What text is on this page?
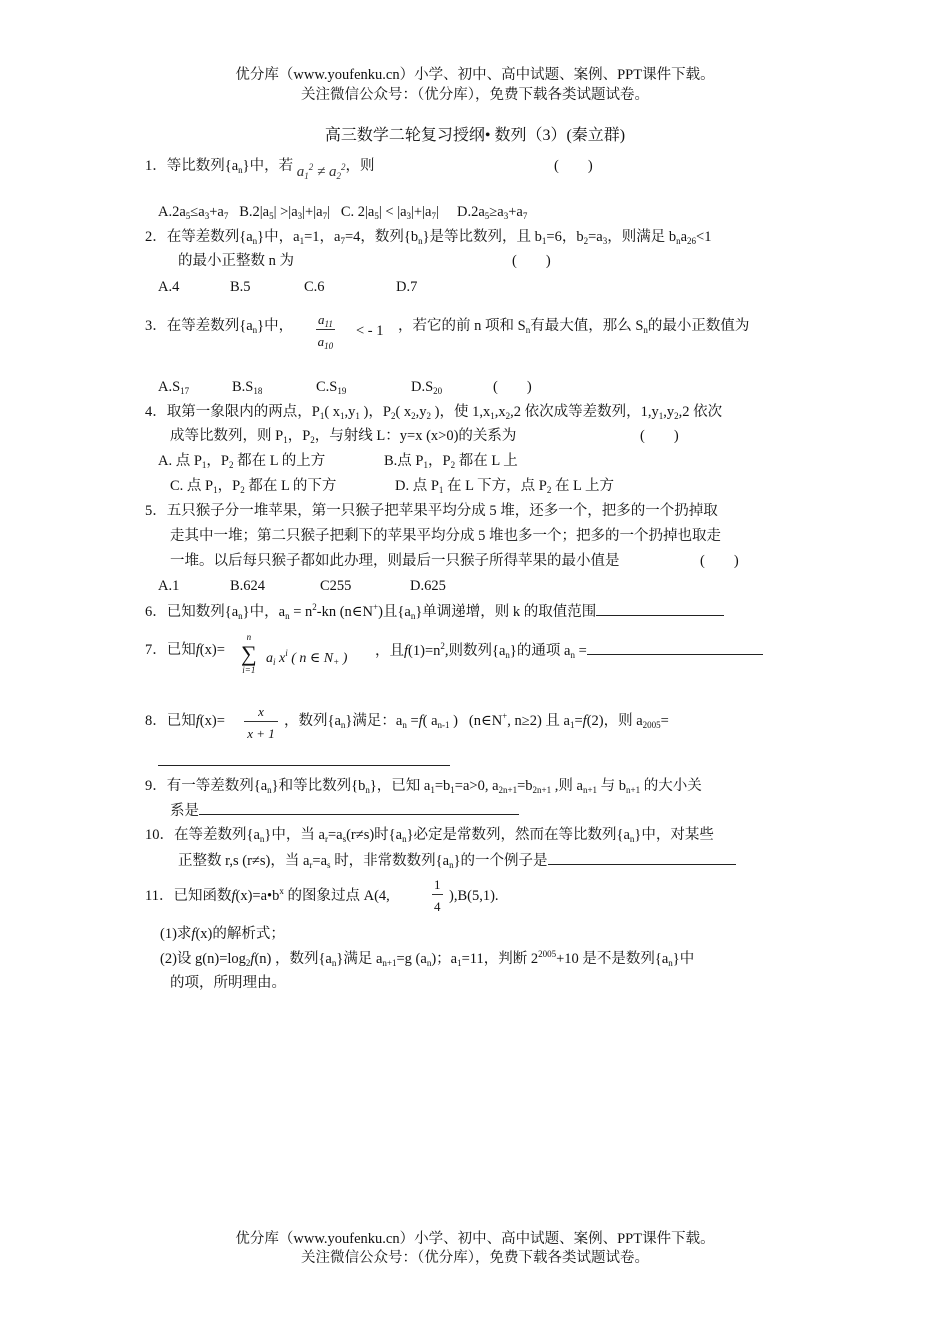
优分库（www.youfenku.cn）小学、初中、高中试题、案例、PPT课件下载。
关注微信公众号：（优分库），免费下载各类试题试卷。
高三数学二轮复习授纲• 数列（3）(秦立群)
1．等比数列$\{a_n\}$中，若 $a_1^2 \ne a_2^2$，则	(　　)
$A.2a_5\le a_3+a_7$ $B.2|a_5| >|a_3|+|a_7|$   C. $2|a_5| < |a_3|+|a_7|$     $D.2a_5\ge a_3+a_7$
2．在等差数列$\{a_n\}$中，$a_1=1$，$a_7=4$，数列$\{b_n\}$是等比数列，且 $b_1=6$，$b_2=a_3$，则满足 $b_na_{26}<1$
的最小正整数 n 为	(　　)
A.4	B.5	C.6	D.7
3．在等差数列$\{a_n\}$中， $\frac{a_{11}}{a_{10}}$ < - 1 ，若它的前 n 项和 $S_n$有最大值，那么 $S_n$的最小正数值为
$A.S_{17}$	$B.S_{18}$	$C.S_{19}$	$D.S_{20}$	(　　)
4．取第一象限内的两点，$P_1$( $x_1,y_1$ )，$P_2$( $x_2,y_2$ )，使 $1,x_1,x_2,2$ 依次成等差数列，$1,y_1,y_2,2$ 依次
成等比数列，则 $P_1$，$P_2$，与射线 L：y=x (x>0)的关系为	(　　)
A. 点 $P_1$，$P_2$ 都在 L 的上方	B.点 $P_1$，$P_2$ 都在 L 上
C. 点 $P_1$，$P_2$ 都在 L 的下方	D. 点 $P_1$ 在 L 下方，点 $P_2$ 在 L 上方
5．五只猴子分一堆苹果，第一只猴子把苹果平均分成 5 堆，还多一个，把多的一个扔掉取
走其中一堆；第二只猴子把剩下的苹果平均分成 5 堆也多一个；把多的一个扔掉也取走
一堆。以后每只猴子都如此办理，则最后一只猴子所得苹果的最小值是	(　　)
A.1	B.624	C255	D.625
6．已知数列$\{a_n\}$中，$a_n = n^2-kn$ (n∈N+)且$\{a_n\}$单调递增，则 k 的取值范围
7．已知f(x)=
n
∑
i=1
$a_i$ $x^i$ ( n ∈ $N_+$ ) ，且$f(1)=n^2$,则数列$\{a_n\}$的通项 $a_n$ =
8．已知$f(x)= \frac{x}{x + 1}$ ，数列$\{a_n\}$满足：$a_n =f$( $a_{n-1}$ )   (n∈N+, n≥2) 且 $a_1=f(2)$，则 $a_{2005}=$
9．有一等差数列$\{a_n\}$和等比数列$\{b_n\}$，已知 $a_1=b_1=a>0$, $a_{2n+1}=b_{2n+1}$ ,则 $a_{n+1}$ 与 $b_{n+1}$ 的大小关
系是
10．在等差数列$\{a_n\}$中，当 $a_r=a_s(r\ne s)$时$\{a_n\}$必定是常数列，然而在等比数列$\{a_n\}$中，对某些
正整数 r,s (r≠s)，当 $a_r=a_s$ 时，非常数数列$\{a_n\}$的一个例子是
11．已知函数$f(x)=a•b^x$ 的图象过点 A(4,	$\frac{1}{4} ),B(5,1)$.
(1)求f(x)的解析式；
(2)设 $g(n)=\log_2f(n)$ ，数列$\{a_n\}$满足 $a_{n+1}=g$ $(a_n)$；$a_1=11$，判断 $2^{2005}+10$ 是不是数列$\{a_n\}$中
的项，所明理由。
优分库（www.youfenku.cn）小学、初中、高中试题、案例、PPT课件下载。
关注微信公众号：（优分库），免费下载各类试题试卷。
